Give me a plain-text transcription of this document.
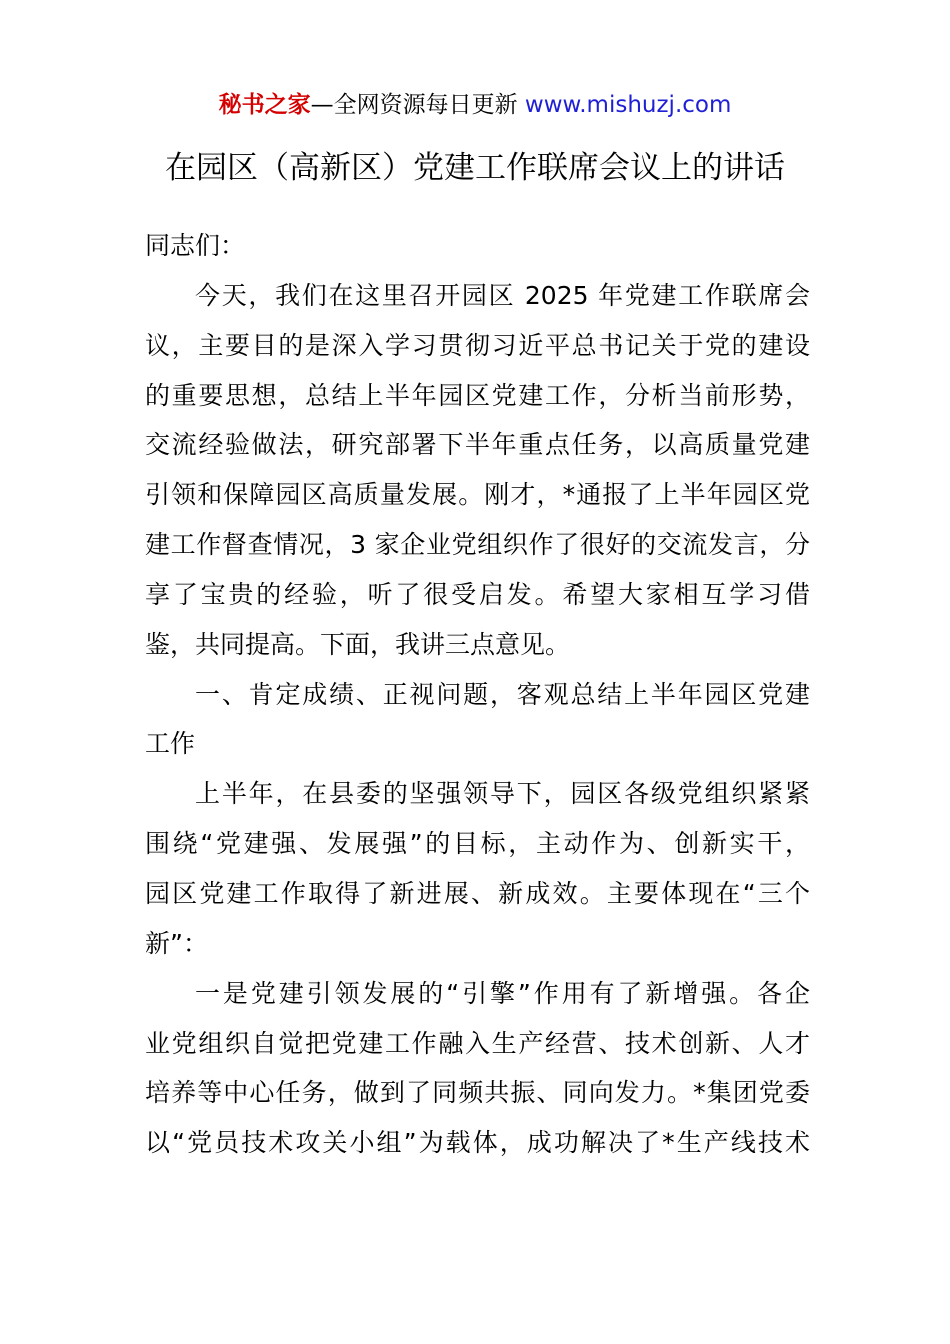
秘书之家—全网资源每日更新 www.mishuzj.com
在园区（高新区）党建工作联席会议上的讲话
同志们：
今天，我们在这里召开园区 2025 年党建工作联席会
议，主要目的是深入学习贯彻习近平总书记关于党的建设
的重要思想，总结上半年园区党建工作，分析当前形势，
交流经验做法，研究部署下半年重点任务，以高质量党建
引领和保障园区高质量发展。刚才，*通报了上半年园区党
建工作督查情况，3 家企业党组织作了很好的交流发言，分
享了宝贵的经验，听了很受启发。希望大家相互学习借
鉴，共同提高。下面，我讲三点意见。
一、肯定成绩、正视问题，客观总结上半年园区党建
工作
上半年，在县委的坚强领导下，园区各级党组织紧紧
围绕“党建强、发展强”的目标，主动作为、创新实干，
园区党建工作取得了新进展、新成效。主要体现在“三个
新”：
一是党建引领发展的“引擎”作用有了新增强。各企
业党组织自觉把党建工作融入生产经营、技术创新、人才
培养等中心任务，做到了同频共振、同向发力。*集团党委
以“党员技术攻关小组”为载体，成功解决了*生产线技术
